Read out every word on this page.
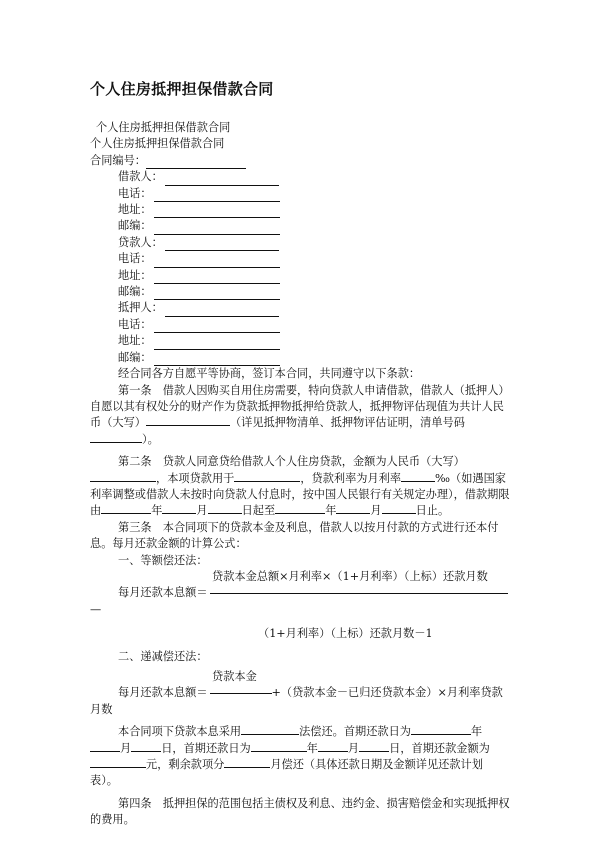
个人住房抵押担保借款合同
个人住房抵押担保借款合同
个人住房抵押担保借款合同
合同编号：
借款人：
电话：
地址：
邮编：
贷款人：
电话：
地址：
邮编：
抵押人：
电话：
地址：
邮编：
经合同各方自愿平等协商，签订本合同，共同遵守以下条款：
第一条　借款人因购买自用住房需要，特向贷款人申请借款，借款人（抵押人）自愿以其有权处分的财产作为贷款抵押物抵押给贷款人，抵押物评估现值为共计人民币（大写）	（详见抵押物清单、抵押物评估证明，清单号码）。
第二条　贷款人同意贷给借款人个人住房贷款，金额为人民币（大写），本项贷款用于	，贷款利率为月利率	‰（如遇国家利率调整或借款人未按时向贷款人付息时，按中国人民银行有关规定办理），借款期限由	年	月	日起至	年	月	日止。
第三条　本合同项下的贷款本金及利息，借款人以按月付款的方式进行还本付息。每月还款金额的计算公式：
一、等额偿还法：
贷款本金总额×月利率×（1+月利率）（上标）还款月数
每月还款本息额＝
—
（1+月利率）（上标）还款月数－1
二、递减偿还法：
贷款本金
每月还款本息额＝	+（贷款本金－已归还贷款本金）×月利率贷款月数
本合同项下贷款本息采用	法偿还。首期还款日为	年月	日，首期还款日为	年	月	日，首期还款金额为元，剩余款项分	月偿还（具体还款日期及金额详见还款计划表）。
第四条　抵押担保的范围包括主债权及利息、违约金、损害赔偿金和实现抵押权的费用。
